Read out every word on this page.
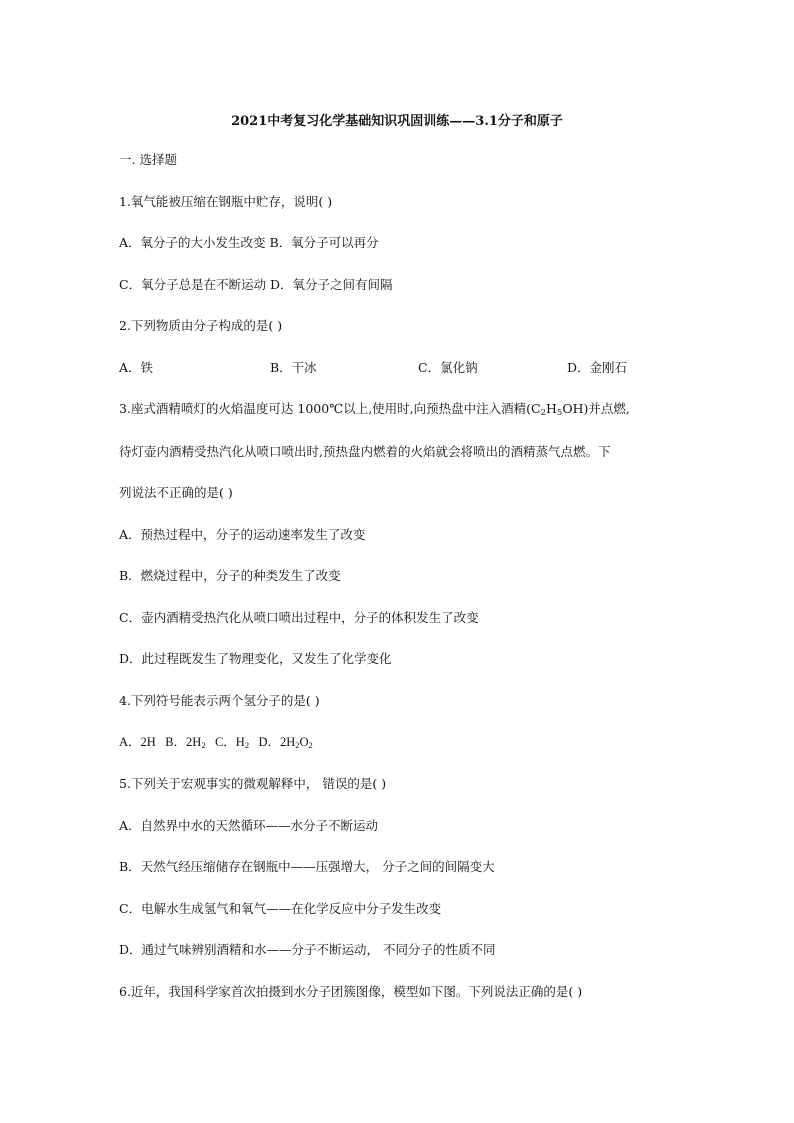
2021中考复习化学基础知识巩固训练——3.1分子和原子
一. 选择题
1.氧气能被压缩在钢瓶中贮存，说明( )
A．氧分子的大小发生改变 B．氧分子可以再分
C．氧分子总是在不断运动 D．氧分子之间有间隔
2.下列物质由分子构成的是( )
A．铁	B．干冰	C．氯化钠	D．金刚石
3.座式酒精喷灯的火焰温度可达 1000℃以上,使用时,向预热盘中注入酒精$(C_2H_5OH)$并点燃,
待灯壶内酒精受热汽化从喷口喷出时,预热盘内燃着的火焰就会将喷出的酒精蒸气点燃。下
列说法不正确的是( )
A．预热过程中，分子的运动速率发生了改变
B．燃烧过程中，分子的种类发生了改变
C．壶内酒精受热汽化从喷口喷出过程中，分子的体积发生了改变
D．此过程既发生了物理变化，又发生了化学变化
4.下列符号能表示两个氢分子的是( )
A．2H B．$2H_2$ C．$H_2$ D．$2H_2O_2$
5.下列关于宏观事实的微观解释中， 错误的是( )
A．自然界中水的天然循环——水分子不断运动
B．天然气经压缩储存在钢瓶中——压强增大， 分子之间的间隔变大
C．电解水生成氢气和氧气——在化学反应中分子发生改变
D．通过气味辨别酒精和水——分子不断运动， 不同分子的性质不同
6.近年，我国科学家首次拍摄到水分子团簇图像，模型如下图。下列说法正确的是( )
